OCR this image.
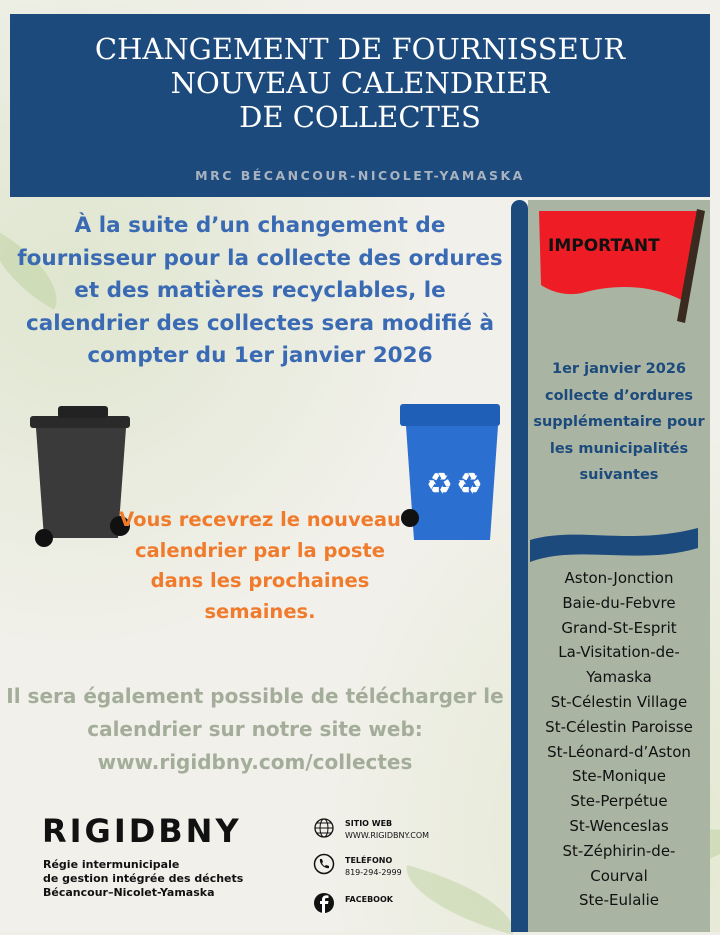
CHANGEMENT DE FOURNISSEUR
NOUVEAU CALENDRIER
DE COLLECTES
MRC BÉCANCOUR-NICOLET-YAMASKA
À la suite d’un changement de fournisseur pour la collecte des ordures et des matières recyclables, le calendrier des collectes sera modifié à compter du 1er janvier 2026
♻ ♻
Vous recevrez le nouveau calendrier par la poste dans les prochaines semaines.
Il sera également possible de télécharger le calendrier sur notre site web: www.rigidbny.com/collectes
IMPORTANT
1er janvier 2026 collecte d’ordures supplémentaire pour les municipalités suivantes
Aston-Jonction
Baie-du-Febvre
Grand-St-Esprit
La-Visitation-de-Yamaska
St-Célestin Village
St-Célestin Paroisse
St-Léonard-d’Aston
Ste-Monique
Ste-Perpétue
St-Wenceslas
St-Zéphirin-de-Courval
Ste-Eulalie
RIGIDBNY
Régie intermunicipale
de gestion intégrée des déchets
Bécancour–Nicolet-Yamaska
SITIO WEB
WWW.RIGIDBNY.COM
TELÉFONO
819-294-2999
FACEBOOK
